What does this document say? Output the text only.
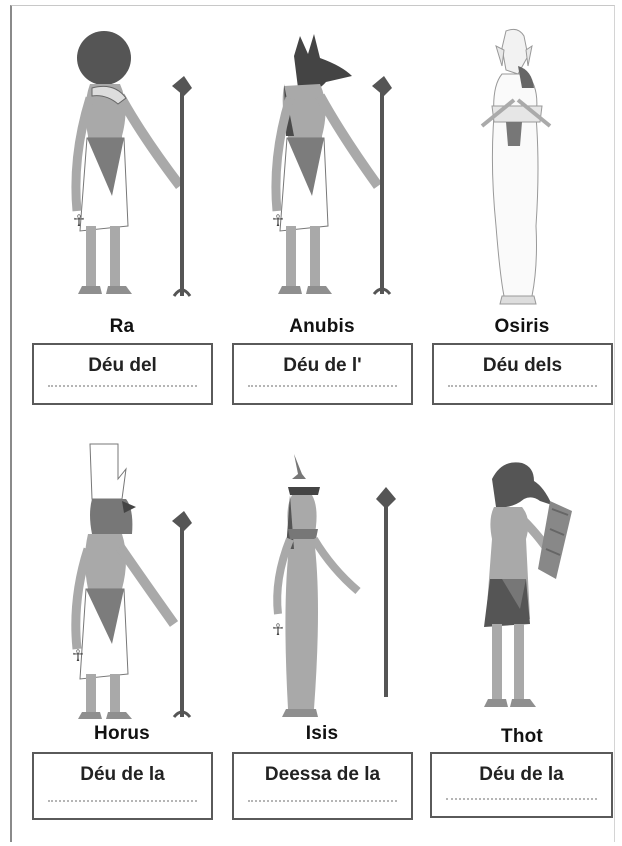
☥
Ra
Déu del
☥
Anubis
Déu de l'
Osiris
Déu dels
☥
Horus
Déu de la
☥
Isis
Deessa de la
Thot
Déu de la
